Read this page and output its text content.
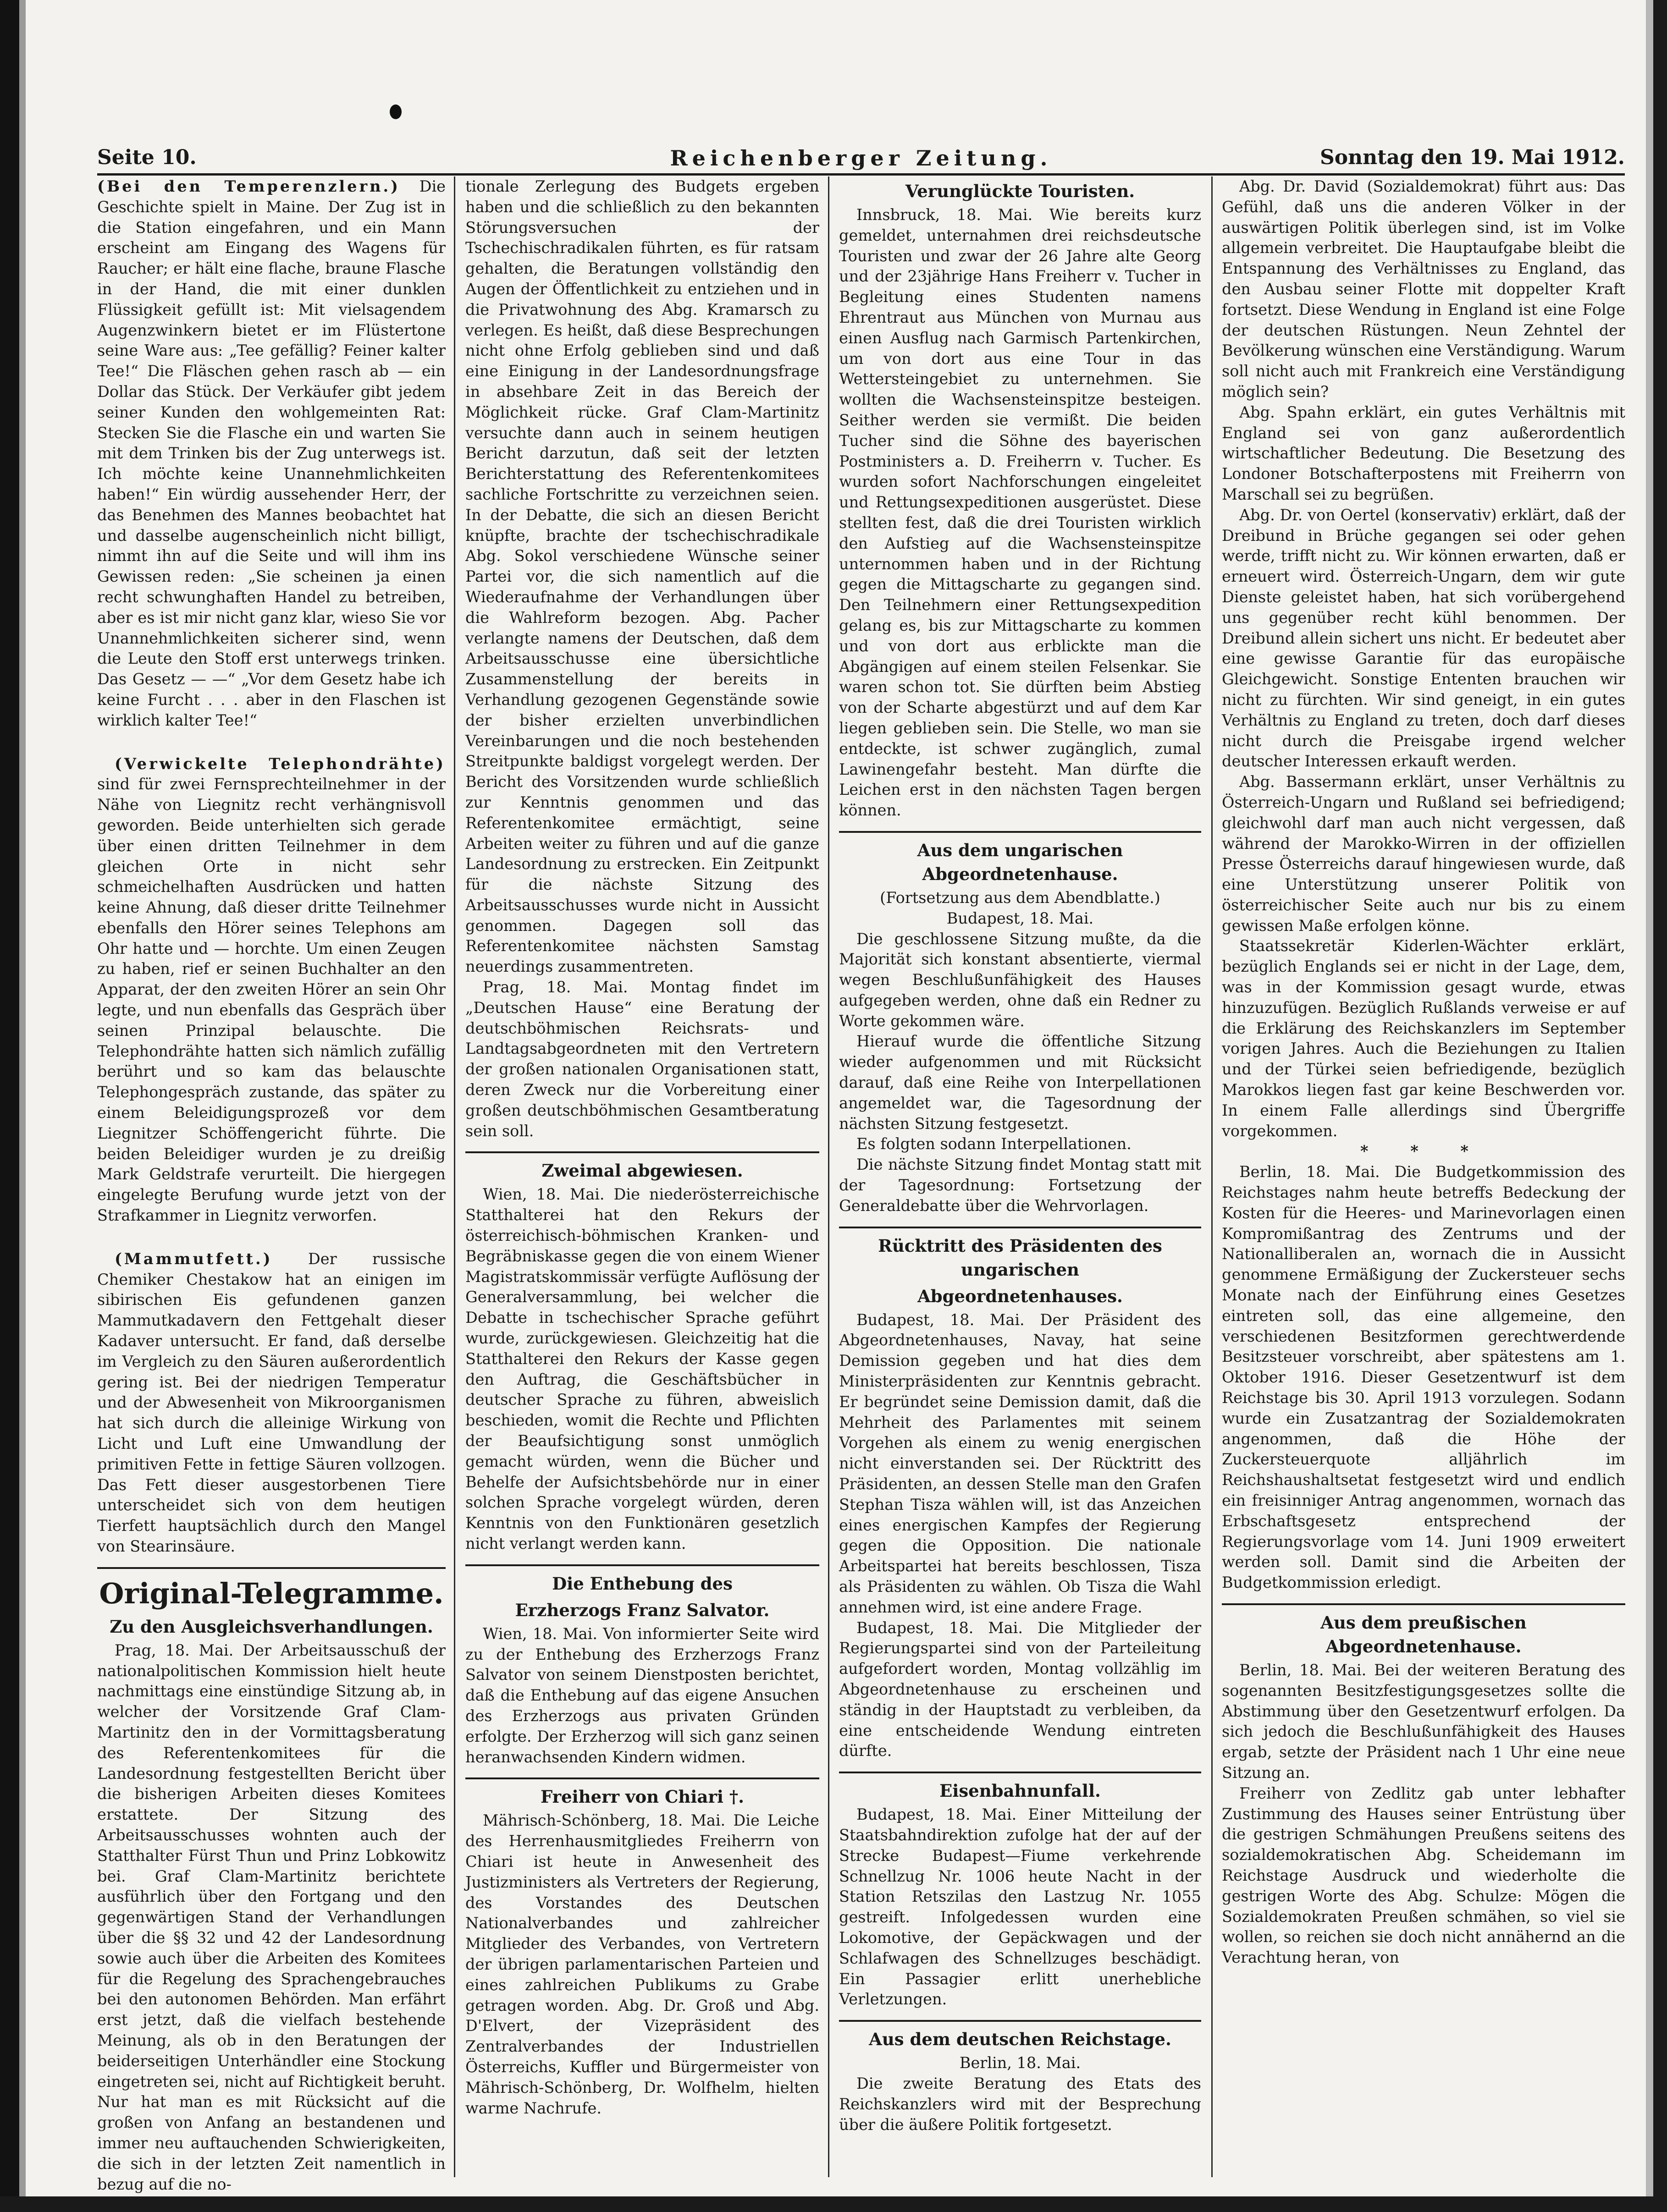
Seite 10.	Reichenberger Zeitung.	Sonntag den 19. Mai 1912.

(Bei den Temperenzlern.) Die Geschichte spielt in Maine. Der Zug ist in die Station eingefahren, und ein Mann erscheint am Eingang des Wagens für Raucher; er hält eine flache, braune Flasche in der Hand, die mit einer dunklen Flüssigkeit gefüllt ist: Mit vielsagendem Augenzwinkern bietet er im Flüstertone seine Ware aus: „Tee gefällig? Feiner kalter Tee!“ Die Fläschen gehen rasch ab — ein Dollar das Stück. Der Verkäufer gibt jedem seiner Kunden den wohlgemeinten Rat: Stecken Sie die Flasche ein und warten Sie mit dem Trinken bis der Zug unterwegs ist. Ich möchte keine Unannehmlichkeiten haben!“ Ein würdig aussehender Herr, der das Benehmen des Mannes beobachtet hat und dasselbe augenscheinlich nicht billigt, nimmt ihn auf die Seite und will ihm ins Gewissen reden: „Sie scheinen ja einen recht schwunghaften Handel zu betreiben, aber es ist mir nicht ganz klar, wieso Sie vor Unannehmlichkeiten sicherer sind, wenn die Leute den Stoff erst unterwegs trinken. Das Gesetz — —“ „Vor dem Gesetz habe ich keine Furcht . . . aber in den Flaschen ist wirklich kalter Tee!“

(Verwickelte Telephondrähte) sind für zwei Fernsprechteilnehmer in der Nähe von Liegnitz recht verhängnisvoll geworden. Beide unterhielten sich gerade über einen dritten Teilnehmer in dem gleichen Orte in nicht sehr schmeichelhaften Ausdrücken und hatten keine Ahnung, daß dieser dritte Teilnehmer ebenfalls den Hörer seines Telephons am Ohr hatte und — horchte. Um einen Zeugen zu haben, rief er seinen Buchhalter an den Apparat, der den zweiten Hörer an sein Ohr legte, und nun ebenfalls das Gespräch über seinen Prinzipal belauschte. Die Telephondrähte hatten sich nämlich zufällig berührt und so kam das belauschte Telephongespräch zustande, das später zu einem Beleidigungsprozeß vor dem Liegnitzer Schöffengericht führte. Die beiden Beleidiger wurden je zu dreißig Mark Geldstrafe verurteilt. Die hiergegen eingelegte Berufung wurde jetzt von der Strafkammer in Liegnitz verworfen.

(Mammutfett.) Der russische Chemiker Chestakow hat an einigen im sibirischen Eis gefundenen ganzen Mammutkadavern den Fettgehalt dieser Kadaver untersucht. Er fand, daß derselbe im Vergleich zu den Säuren außerordentlich gering ist. Bei der niedrigen Temperatur und der Abwesenheit von Mikroorganismen hat sich durch die alleinige Wirkung von Licht und Luft eine Umwandlung der primitiven Fette in fettige Säuren vollzogen. Das Fett dieser ausgestorbenen Tiere unterscheidet sich von dem heutigen Tierfett hauptsächlich durch den Mangel von Stearinsäure.

Original-Telegramme.
Zu den Ausgleichsverhandlungen.

Prag, 18. Mai. Der Arbeitsausschuß der nationalpolitischen Kommission hielt heute nachmittags eine einstündige Sitzung ab, in welcher der Vorsitzende Graf Clam-Martinitz den in der Vormittagsberatung des Referentenkomitees für die Landesordnung festgestellten Bericht über die bisherigen Arbeiten dieses Komitees erstattete. Der Sitzung des Arbeitsausschusses wohnten auch der Statthalter Fürst Thun und Prinz Lobkowitz bei. Graf Clam-Martinitz berichtete ausführlich über den Fortgang und den gegenwärtigen Stand der Verhandlungen über die §§ 32 und 42 der Landesordnung sowie auch über die Arbeiten des Komitees für die Regelung des Sprachengebrauches bei den autonomen Behörden. Man erfährt erst jetzt, daß die vielfach bestehende Meinung, als ob in den Beratungen der beiderseitigen Unterhändler eine Stockung eingetreten sei, nicht auf Richtigkeit beruht. Nur hat man es mit Rücksicht auf die großen von Anfang an bestandenen und immer neu auftauchenden Schwierigkeiten, die sich in der letzten Zeit namentlich in bezug auf die no-

tionale Zerlegung des Budgets ergeben haben und die schließlich zu den bekannten Störungsversuchen der Tschechischradikalen führten, es für ratsam gehalten, die Beratungen vollständig den Augen der Öffentlichkeit zu entziehen und in die Privatwohnung des Abg. Kramarsch zu verlegen. Es heißt, daß diese Besprechungen nicht ohne Erfolg geblieben sind und daß eine Einigung in der Landesordnungsfrage in absehbare Zeit in das Bereich der Möglichkeit rücke. Graf Clam-Martinitz versuchte dann auch in seinem heutigen Bericht darzutun, daß seit der letzten Berichterstattung des Referentenkomitees sachliche Fortschritte zu verzeichnen seien. In der Debatte, die sich an diesen Bericht knüpfte, brachte der tschechischradikale Abg. Sokol verschiedene Wünsche seiner Partei vor, die sich namentlich auf die Wiederaufnahme der Verhandlungen über die Wahlreform bezogen. Abg. Pacher verlangte namens der Deutschen, daß dem Arbeitsausschusse eine übersichtliche Zusammenstellung der bereits in Verhandlung gezogenen Gegenstände sowie der bisher erzielten unverbindlichen Vereinbarungen und die noch bestehenden Streitpunkte baldigst vorgelegt werden. Der Bericht des Vorsitzenden wurde schließlich zur Kenntnis genommen und das Referentenkomitee ermächtigt, seine Arbeiten weiter zu führen und auf die ganze Landesordnung zu erstrecken. Ein Zeitpunkt für die nächste Sitzung des Arbeitsausschusses wurde nicht in Aussicht genommen. Dagegen soll das Referentenkomitee nächsten Samstag neuerdings zusammentreten.

Prag, 18. Mai. Montag findet im „Deutschen Hause“ eine Beratung der deutschböhmischen Reichsrats- und Landtagsabgeordneten mit den Vertretern der großen nationalen Organisationen statt, deren Zweck nur die Vorbereitung einer großen deutschböhmischen Gesamtberatung sein soll.

Zweimal abgewiesen.

Wien, 18. Mai. Die niederösterreichische Statthalterei hat den Rekurs der österreichisch-böhmischen Kranken- und Begräbniskasse gegen die von einem Wiener Magistratskommissär verfügte Auflösung der Generalversammlung, bei welcher die Debatte in tschechischer Sprache geführt wurde, zurückgewiesen. Gleichzeitig hat die Statthalterei den Rekurs der Kasse gegen den Auftrag, die Geschäftsbücher in deutscher Sprache zu führen, abweislich beschieden, womit die Rechte und Pflichten der Beaufsichtigung sonst unmöglich gemacht würden, wenn die Bücher und Behelfe der Aufsichtsbehörde nur in einer solchen Sprache vorgelegt würden, deren Kenntnis von den Funktionären gesetzlich nicht verlangt werden kann.

Die Enthebung des
Erzherzogs Franz Salvator.

Wien, 18. Mai. Von informierter Seite wird zu der Enthebung des Erzherzogs Franz Salvator von seinem Dienstposten berichtet, daß die Enthebung auf das eigene Ansuchen des Erzherzogs aus privaten Gründen erfolgte. Der Erzherzog will sich ganz seinen heranwachsenden Kindern widmen.

Freiherr von Chiari †.

Mährisch-Schönberg, 18. Mai. Die Leiche des Herrenhausmitgliedes Freiherrn von Chiari ist heute in Anwesenheit des Justizministers als Vertreters der Regierung, des Vorstandes des Deutschen Nationalverbandes und zahlreicher Mitglieder des Verbandes, von Vertretern der übrigen parlamentarischen Parteien und eines zahlreichen Publikums zu Grabe getragen worden. Abg. Dr. Groß und Abg. D'Elvert, der Vizepräsident des Zentralverbandes der Industriellen Österreichs, Kuffler und Bürgermeister von Mährisch-Schönberg, Dr. Wolfhelm, hielten warme Nachrufe.

Verunglückte Touristen.

Innsbruck, 18. Mai. Wie bereits kurz gemeldet, unternahmen drei reichsdeutsche Touristen und zwar der 26 Jahre alte Georg und der 23jährige Hans Freiherr v. Tucher in Begleitung eines Studenten namens Ehrentraut aus München von Murnau aus einen Ausflug nach Garmisch Partenkirchen, um von dort aus eine Tour in das Wettersteingebiet zu unternehmen. Sie wollten die Wachsensteinspitze besteigen. Seither werden sie vermißt. Die beiden Tucher sind die Söhne des bayerischen Postministers a. D. Freiherrn v. Tucher. Es wurden sofort Nachforschungen eingeleitet und Rettungsexpeditionen ausgerüstet. Diese stellten fest, daß die drei Touristen wirklich den Aufstieg auf die Wachsensteinspitze unternommen haben und in der Richtung gegen die Mittagscharte zu gegangen sind. Den Teilnehmern einer Rettungsexpedition gelang es, bis zur Mittagscharte zu kommen und von dort aus erblickte man die Abgängigen auf einem steilen Felsenkar. Sie waren schon tot. Sie dürften beim Abstieg von der Scharte abgestürzt und auf dem Kar liegen geblieben sein. Die Stelle, wo man sie entdeckte, ist schwer zugänglich, zumal Lawinengefahr besteht. Man dürfte die Leichen erst in den nächsten Tagen bergen können.

Aus dem ungarischen Abgeordnetenhause.
(Fortsetzung aus dem Abendblatte.)
Budapest, 18. Mai.

Die geschlossene Sitzung mußte, da die Majorität sich konstant absentierte, viermal wegen Beschlußunfähigkeit des Hauses aufgegeben werden, ohne daß ein Redner zu Worte gekommen wäre.

Hierauf wurde die öffentliche Sitzung wieder aufgenommen und mit Rücksicht darauf, daß eine Reihe von Interpellationen angemeldet war, die Tagesordnung der nächsten Sitzung festgesetzt.

Es folgten sodann Interpellationen.

Die nächste Sitzung findet Montag statt mit der Tagesordnung: Fortsetzung der Generaldebatte über die Wehrvorlagen.

Rücktritt des Präsidenten des ungarischen
Abgeordnetenhauses.

Budapest, 18. Mai. Der Präsident des Abgeordnetenhauses, Navay, hat seine Demission gegeben und hat dies dem Ministerpräsidenten zur Kenntnis gebracht. Er begründet seine Demission damit, daß die Mehrheit des Parlamentes mit seinem Vorgehen als einem zu wenig energischen nicht einverstanden sei. Der Rücktritt des Präsidenten, an dessen Stelle man den Grafen Stephan Tisza wählen will, ist das Anzeichen eines energischen Kampfes der Regierung gegen die Opposition. Die nationale Arbeitspartei hat bereits beschlossen, Tisza als Präsidenten zu wählen. Ob Tisza die Wahl annehmen wird, ist eine andere Frage.

Budapest, 18. Mai. Die Mitglieder der Regierungspartei sind von der Parteileitung aufgefordert worden, Montag vollzählig im Abgeordnetenhause zu erscheinen und ständig in der Hauptstadt zu verbleiben, da eine entscheidende Wendung eintreten dürfte.

Eisenbahnunfall.

Budapest, 18. Mai. Einer Mitteilung der Staatsbahndirektion zufolge hat der auf der Strecke Budapest—Fiume verkehrende Schnellzug Nr. 1006 heute Nacht in der Station Retszilas den Lastzug Nr. 1055 gestreift. Infolgedessen wurden eine Lokomotive, der Gepäckwagen und der Schlafwagen des Schnellzuges beschädigt. Ein Passagier erlitt unerhebliche Verletzungen.

Aus dem deutschen Reichstage.
Berlin, 18. Mai.

Die zweite Beratung des Etats des Reichskanzlers wird mit der Besprechung über die äußere Politik fortgesetzt.

Abg. Dr. David (Sozialdemokrat) führt aus: Das Gefühl, daß uns die anderen Völker in der auswärtigen Politik überlegen sind, ist im Volke allgemein verbreitet. Die Hauptaufgabe bleibt die Entspannung des Verhältnisses zu England, das den Ausbau seiner Flotte mit doppelter Kraft fortsetzt. Diese Wendung in England ist eine Folge der deutschen Rüstungen. Neun Zehntel der Bevölkerung wünschen eine Verständigung. Warum soll nicht auch mit Frankreich eine Verständigung möglich sein?

Abg. Spahn erklärt, ein gutes Verhältnis mit England sei von ganz außerordentlich wirtschaftlicher Bedeutung. Die Besetzung des Londoner Botschafterpostens mit Freiherrn von Marschall sei zu begrüßen.

Abg. Dr. von Oertel (konservativ) erklärt, daß der Dreibund in Brüche gegangen sei oder gehen werde, trifft nicht zu. Wir können erwarten, daß er erneuert wird. Österreich-Ungarn, dem wir gute Dienste geleistet haben, hat sich vorübergehend uns gegenüber recht kühl benommen. Der Dreibund allein sichert uns nicht. Er bedeutet aber eine gewisse Garantie für das europäische Gleichgewicht. Sonstige Ententen brauchen wir nicht zu fürchten. Wir sind geneigt, in ein gutes Verhältnis zu England zu treten, doch darf dieses nicht durch die Preisgabe irgend welcher deutscher Interessen erkauft werden.

Abg. Bassermann erklärt, unser Verhältnis zu Österreich-Ungarn und Rußland sei befriedigend; gleichwohl darf man auch nicht vergessen, daß während der Marokko-Wirren in der offiziellen Presse Österreichs darauf hingewiesen wurde, daß eine Unterstützung unserer Politik von österreichischer Seite auch nur bis zu einem gewissen Maße erfolgen könne.

Staatssekretär Kiderlen-Wächter erklärt, bezüglich Englands sei er nicht in der Lage, dem, was in der Kommission gesagt wurde, etwas hinzuzufügen. Bezüglich Rußlands verweise er auf die Erklärung des Reichskanzlers im September vorigen Jahres. Auch die Beziehungen zu Italien und der Türkei seien befriedigende, bezüglich Marokkos liegen fast gar keine Beschwerden vor. In einem Falle allerdings sind Übergriffe vorgekommen.

* * *

Berlin, 18. Mai. Die Budgetkommission des Reichstages nahm heute betreffs Bedeckung der Kosten für die Heeres- und Marinevorlagen einen Kompromißantrag des Zentrums und der Nationalliberalen an, wornach die in Aussicht genommene Ermäßigung der Zuckersteuer sechs Monate nach der Einführung eines Gesetzes eintreten soll, das eine allgemeine, den verschiedenen Besitzformen gerechtwerdende Besitzsteuer vorschreibt, aber spätestens am 1. Oktober 1916. Dieser Gesetzentwurf ist dem Reichstage bis 30. April 1913 vorzulegen. Sodann wurde ein Zusatzantrag der Sozialdemokraten angenommen, daß die Höhe der Zuckersteuerquote alljährlich im Reichshaushaltsetat festgesetzt wird und endlich ein freisinniger Antrag angenommen, wornach das Erbschaftsgesetz entsprechend der Regierungsvorlage vom 14. Juni 1909 erweitert werden soll. Damit sind die Arbeiten der Budgetkommission erledigt.

Aus dem preußischen Abgeordnetenhause.

Berlin, 18. Mai. Bei der weiteren Beratung des sogenannten Besitzfestigungsgesetzes sollte die Abstimmung über den Gesetzentwurf erfolgen. Da sich jedoch die Beschlußunfähigkeit des Hauses ergab, setzte der Präsident nach 1 Uhr eine neue Sitzung an.

Freiherr von Zedlitz gab unter lebhafter Zustimmung des Hauses seiner Entrüstung über die gestrigen Schmähungen Preußens seitens des sozialdemokratischen Abg. Scheidemann im Reichstage Ausdruck und wiederholte die gestrigen Worte des Abg. Schulze: Mögen die Sozialdemokraten Preußen schmähen, so viel sie wollen, so reichen sie doch nicht annähernd an die Verachtung heran, von
